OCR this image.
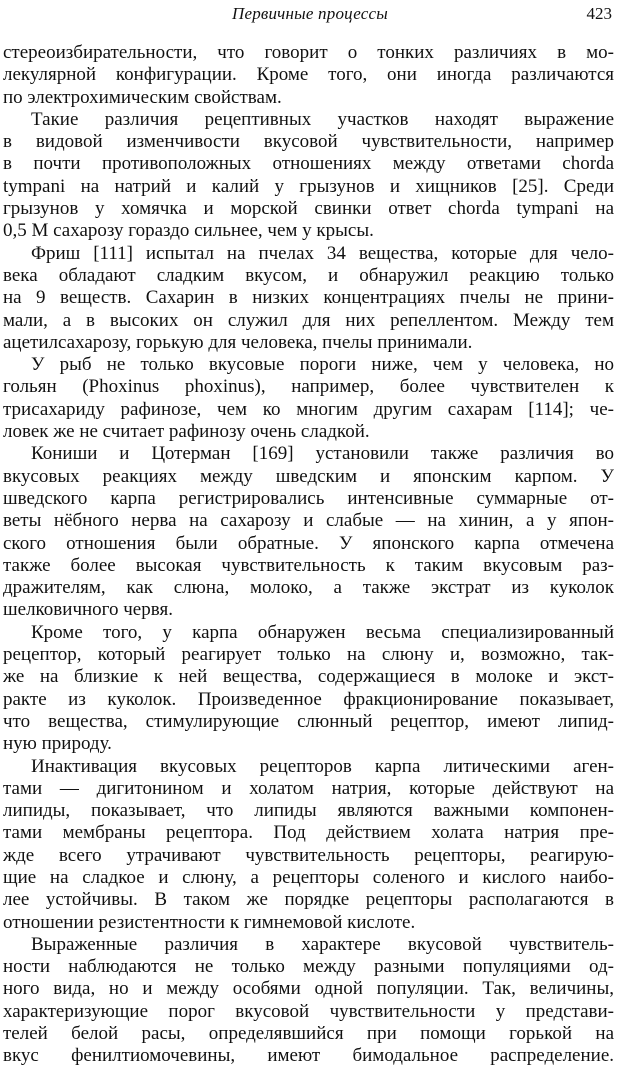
Первичные процессы	423
стереоизбирательности, что говорит о тонких различиях в мо-
лекулярной конфигурации. Кроме того, они иногда различаются
по электрохимическим свойствам.
Такие различия рецептивных участков находят выражение
в видовой изменчивости вкусовой чувствительности, например
в почти противоположных отношениях между ответами chorda
tympani на натрий и калий у грызунов и хищников [25]. Среди
грызунов у хомячка и морской свинки ответ chorda tympani на
0,5 М сахарозу гораздо сильнее, чем у крысы.
Фриш [111] испытал на пчелах 34 вещества, которые для чело-
века обладают сладким вкусом, и обнаружил реакцию только
на 9 веществ. Сахарин в низких концентрациях пчелы не прини-
мали, а в высоких он служил для них репеллентом. Между тем
ацетилсахарозу, горькую для человека, пчелы принимали.
У рыб не только вкусовые пороги ниже, чем у человека, но
гольян (Phoxinus phoxinus), например, более чувствителен к
трисахариду рафинозе, чем ко многим другим сахарам [114]; че-
ловек же не считает рафинозу очень сладкой.
Кониши и Цотерман [169] установили также различия во
вкусовых реакциях между шведским и японским карпом. У
шведского карпа регистрировались интенсивные суммарные от-
веты нёбного нерва на сахарозу и слабые — на хинин, а у япон-
ского отношения были обратные. У японского карпа отмечена
также более высокая чувствительность к таким вкусовым раз-
дражителям, как слюна, молоко, а также экстрат из куколок
шелковичного червя.
Кроме того, у карпа обнаружен весьма специализированный
рецептор, который реагирует только на слюну и, возможно, так-
же на близкие к ней вещества, содержащиеся в молоке и экст-
ракте из куколок. Произведенное фракционирование показывает,
что вещества, стимулирующие слюнный рецептор, имеют липид-
ную природу.
Инактивация вкусовых рецепторов карпа литическими аген-
тами — дигитонином и холатом натрия, которые действуют на
липиды, показывает, что липиды являются важными компонен-
тами мембраны рецептора. Под действием холата натрия пре-
жде всего утрачивают чувствительность рецепторы, реагирую-
щие на сладкое и слюну, а рецепторы соленого и кислого наибо-
лее устойчивы. В таком же порядке рецепторы располагаются в
отношении резистентности к гимнемовой кислоте.
Выраженные различия в характере вкусовой чувствитель-
ности наблюдаются не только между разными популяциями од-
ного вида, но и между особями одной популяции. Так, величины,
характеризующие порог вкусовой чувствительности у представи-
телей белой расы, определявшийся при помощи горькой на
вкус фенилтиомочевины, имеют бимодальное распределение.
